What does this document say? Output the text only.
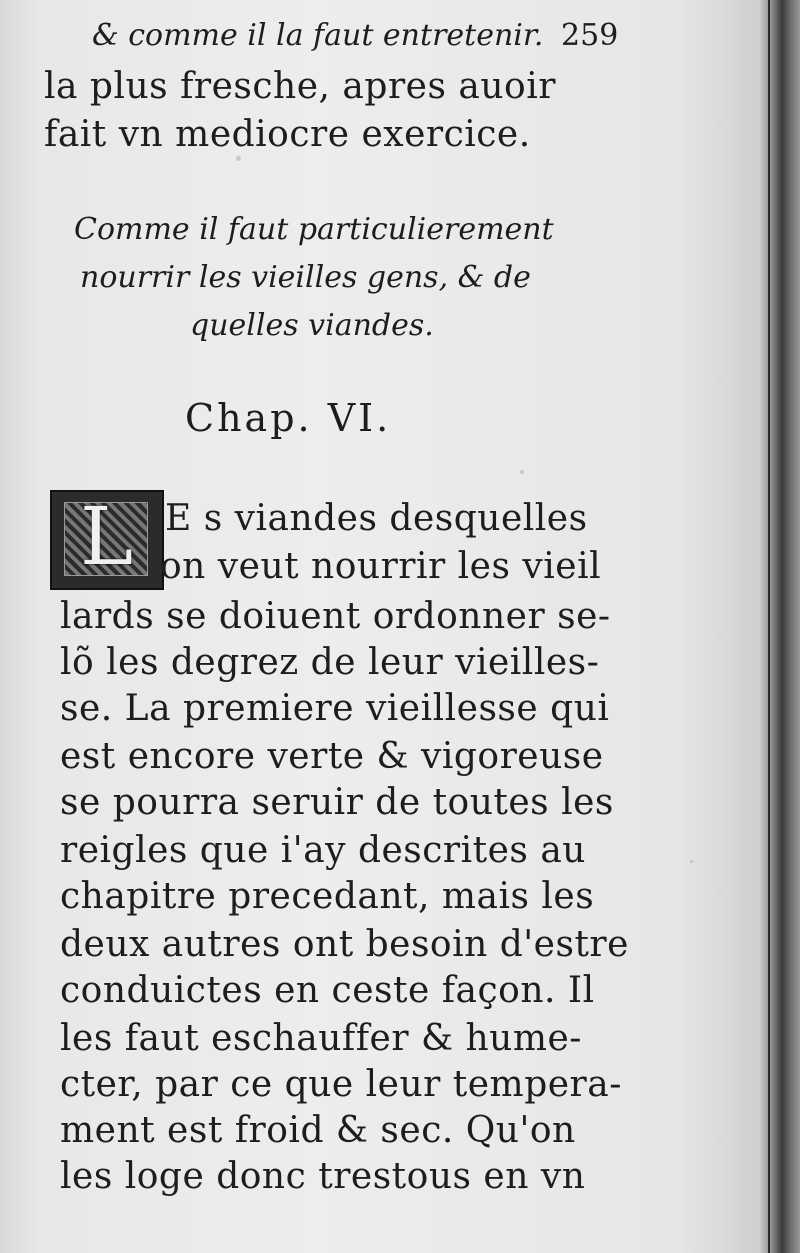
& comme il la faut entretenir. 259
la plus fresche, apres auoir
fait vn mediocre exercice.
Comme il faut particulierement
nourrir les vieilles gens, & de
quelles viandes.
Chap. VI.
L E s viandes desquelles
on veut nourrir les vieil
lards se doiuent ordonner se-
lõ les degrez de leur vieilles-
se. La premiere vieillesse qui
est encore verte & vigoreuse
se pourra seruir de toutes les
reigles que i'ay descrites au
chapitre precedant, mais les
deux autres ont besoin d'estre
conduictes en ceste façon. Il
les faut eschauffer & hume-
cter, par ce que leur tempera-
ment est froid & sec. Qu'on
les loge donc trestous en vn
